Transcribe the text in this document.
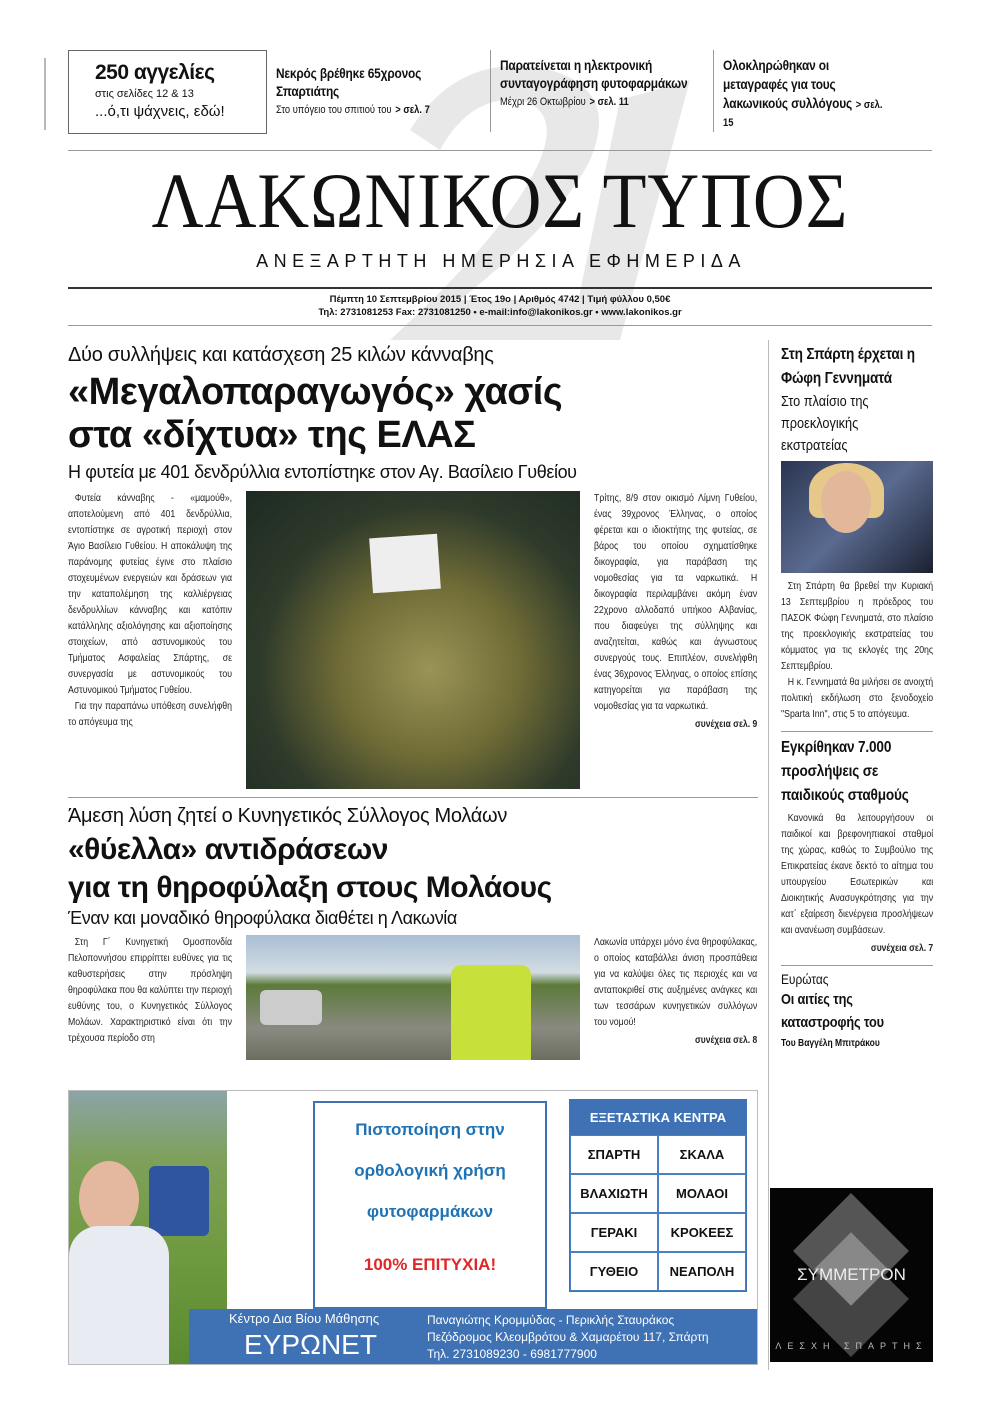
250 αγγελίες
στις σελίδες 12 & 13
...ό,τι ψάχνεις, εδώ!
Νεκρός βρέθηκε 65χρονος Σπαρτιάτης
Στο υπόγειο του σπιτιού του > σελ. 7
Παρατείνεται η ηλεκτρονική συνταγογράφηση φυτοφαρμάκων
Μέχρι 26 Οκτωβρίου > σελ. 11
Ολοκληρώθηκαν οι μεταγραφές για τους λακωνικούς συλλόγους > σελ. 15
ΛΑΚΩΝΙΚΟΣ ΤΥΠΟΣ
ΑΝΕΞΑΡΤΗΤΗ ΗΜΕΡΗΣΙΑ ΕΦΗΜΕΡΙΔΑ
Πέμπτη 10 Σεπτεμβρίου 2015 | Έτος 19ο | Αριθμός 4742 | Τιμή φύλλου 0,50€
Τηλ: 2731081253 Fax: 2731081250 • e-mail:info@lakonikos.gr • www.lakonikos.gr
Δύο συλλήψεις και κατάσχεση 25 κιλών κάνναβης
«Μεγαλοπαραγωγός» χασίς
στα «δίχτυα» της ΕΛΑΣ
Η φυτεία με 401 δενδρύλλια εντοπίστηκε στον Αγ. Βασίλειο Γυθείου

Φυτεία κάνναβης - «μαμούθ», αποτελούμενη από 401 δενδρύλλια, εντοπίστηκε σε αγροτική περιοχή στον Άγιο Βασίλειο Γυθείου. Η αποκάλυψη της παράνομης φυτείας έγινε στο πλαίσιο στοχευμένων ενεργειών και δράσεων για την καταπολέμηση της καλλιέργειας δενδρυλλίων κάνναβης και κατόπιν κατάλληλης αξιολόγησης και αξιοποίησης στοιχείων, από αστυνομικούς του Τμήματος Ασφαλείας Σπάρτης, σε συνεργασία με αστυνομικούς του Αστυνομικού Τμήματος Γυθείου.

Για την παραπάνω υπόθεση συνελήφθη το απόγευμα της

Τρίτης, 8/9 στον οικισμό Λίμνη Γυθείου, ένας 39χρονος Έλληνας, ο οποίος φέρεται και ο ιδιοκτήτης της φυτείας, σε βάρος του οποίου σχηματίσθηκε δικογραφία, για παράβαση της νομοθεσίας για τα ναρκωτικά. Η δικογραφία περιλαμβάνει ακόμη έναν 22χρονο αλλοδαπό υπήκοο Αλβανίας, που διαφεύγει της σύλληψης και αναζητείται, καθώς και άγνωστους συνεργούς τους. Επιπλέον, συνελήφθη ένας 36χρονος Έλληνας, ο οποίος επίσης κατηγορείται για παράβαση της νομοθεσίας για τα ναρκωτικά.

συνέχεια σελ. 9

Άμεση λύση ζητεί ο Κυνηγετικός Σύλλογος Μολάων
«θύελλα» αντιδράσεων
για τη θηροφύλαξη στους Μολάους
Έναν και μοναδικό θηροφύλακα διαθέτει η Λακωνία

Στη Γ΄ Κυνηγετική Ομοσπονδία Πελοποννήσου επιρρίπτει ευθύνες για τις καθυστερήσεις στην πρόσληψη θηροφύλακα που θα καλύπτει την περιοχή ευθύνης του, ο Κυνηγετικός Σύλλογος Μολάων. Χαρακτηριστικό είναι ότι την τρέχουσα περίοδο στη

Λακωνία υπάρχει μόνο ένα θηροφύλακας, ο οποίος καταβάλλει άνιση προσπάθεια για να καλύψει όλες τις περιοχές και να ανταποκριθεί στις αυξημένες ανάγκες και των τεσσάρων κυνηγετικών συλλόγων του νομού!

συνέχεια σελ. 8

Πιστοποίηση στην
ορθολογική χρήση
φυτοφαρμάκων
100% ΕΠΙΤΥΧΙΑ!
ΕΞΕΤΑΣΤΙΚΑ ΚΕΝΤΡΑ
ΣΠΑΡΤΗ	ΣΚΑΛΑ
ΒΛΑΧΙΩΤΗ	ΜΟΛΑΟΙ
ΓΕΡΑΚΙ	ΚΡΟΚΕΕΣ
ΓΥΘΕΙΟ	ΝΕΑΠΟΛΗ
Κέντρο Δια Βίου Μάθησης
ΕΥΡΩΝΕΤ
Παναγιώτης Κρομμύδας - Περικλής Σταυράκος
Πεζόδρομος Κλεομβρότου & Χαμαρέτου 117, Σπάρτη
Τηλ. 2731089230 - 6981777900
Στη Σπάρτη έρχεται η Φώφη Γεννηματά
Στο πλαίσιο της προεκλογικής εκστρατείας

Στη Σπάρτη θα βρεθεί την Κυριακή 13 Σεπτεμβρίου η πρόεδρος του ΠΑΣΟΚ Φώφη Γεννηματά, στο πλαίσιο της προεκλογικής εκστρατείας του κόμματος για τις εκλογές της 20ης Σεπτεμβρίου.

Η κ. Γεννηματά θα μιλήσει σε ανοιχτή πολιτική εκδήλωση στο ξενοδοχείο "Sparta Inn", στις 5 το απόγευμα.

Εγκρίθηκαν 7.000 προσλήψεις σε παιδικούς σταθμούς

Κανονικά θα λειτουργήσουν οι παιδικοί και βρεφονηπιακοί σταθμοί της χώρας, καθώς το Συμβούλιο της Επικρατείας έκανε δεκτό το αίτημα του υπουργείου Εσωτερικών και Διοικητικής Ανασυγκρότησης για την κατ΄ εξαίρεση διενέργεια προσλήψεων και ανανέωση συμβάσεων.

συνέχεια σελ. 7

Ευρώτας
Οι αιτίες της καταστροφής του
Του Βαγγέλη Μπιτράκου
ΣΥΜΜΕΤΡΟΝ
ΛΕΣΧΗ ΣΠΑΡΤΗΣ
